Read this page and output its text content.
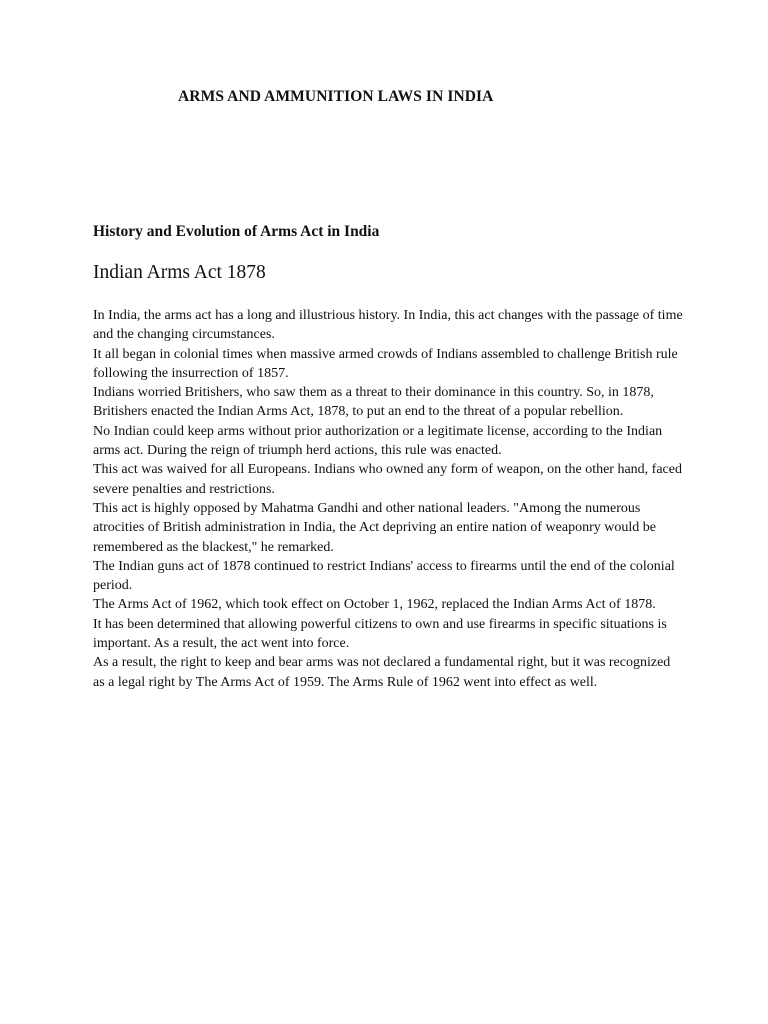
ARMS AND AMMUNITION LAWS IN INDIA
History and Evolution of Arms Act in India
Indian Arms Act 1878

In India, the arms act has a long and illustrious history. In India, this act changes with the passage of time and the changing circumstances.

It all began in colonial times when massive armed crowds of Indians assembled to challenge British rule following the insurrection of 1857.

Indians worried Britishers, who saw them as a threat to their dominance in this country. So, in 1878, Britishers enacted the Indian Arms Act, 1878, to put an end to the threat of a popular rebellion.

No Indian could keep arms without prior authorization or a legitimate license, according to the Indian arms act. During the reign of triumph herd actions, this rule was enacted.

This act was waived for all Europeans. Indians who owned any form of weapon, on the other hand, faced severe penalties and restrictions.

This act is highly opposed by Mahatma Gandhi and other national leaders. "Among the numerous atrocities of British administration in India, the Act depriving an entire nation of weaponry would be remembered as the blackest," he remarked.

The Indian guns act of 1878 continued to restrict Indians' access to firearms until the end of the colonial period.

The Arms Act of 1962, which took effect on October 1, 1962, replaced the Indian Arms Act of 1878.

It has been determined that allowing powerful citizens to own and use firearms in specific situations is important. As a result, the act went into force.

As a result, the right to keep and bear arms was not declared a fundamental right, but it was recognized as a legal right by The Arms Act of 1959. The Arms Rule of 1962 went into effect as well.
